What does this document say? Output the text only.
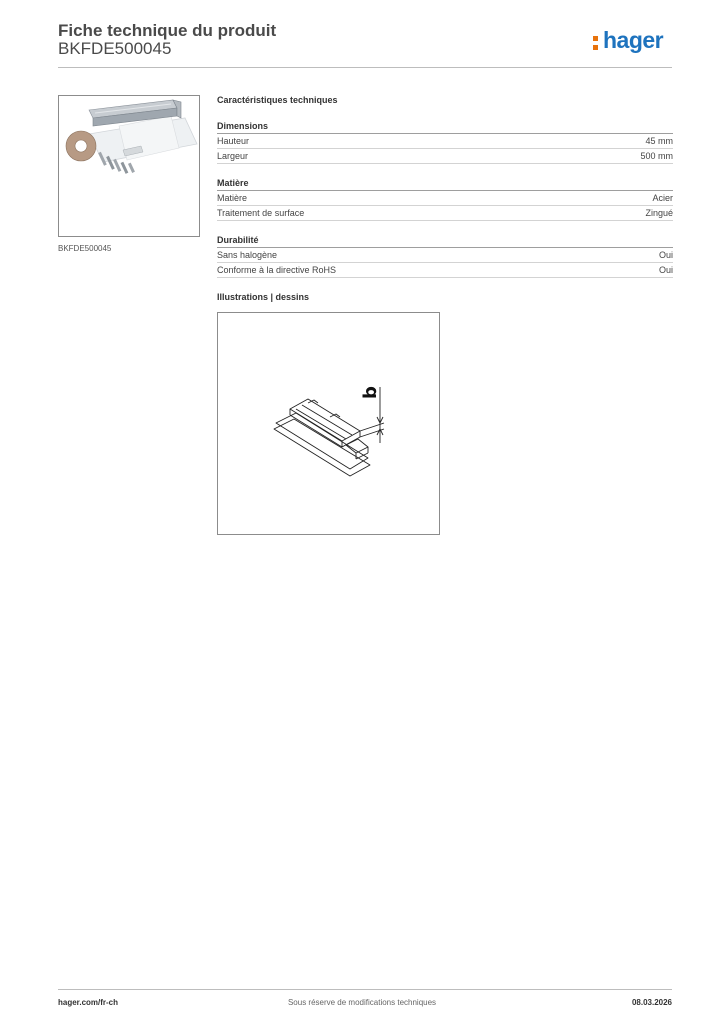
Fiche technique du produit
BKFDE500045	hager
BKFDE500045
Caractéristiques techniques
Dimensions
Hauteur	45 mm
Largeur	500 mm
Matière
Matière	Acier
Traitement de surface	Zingué
Durabilité
Sans halogène	Oui
Conforme à la directive RoHS	Oui
Illustrations | dessins
b
hager.com/fr-ch	Sous réserve de modifications techniques	08.03.2026
